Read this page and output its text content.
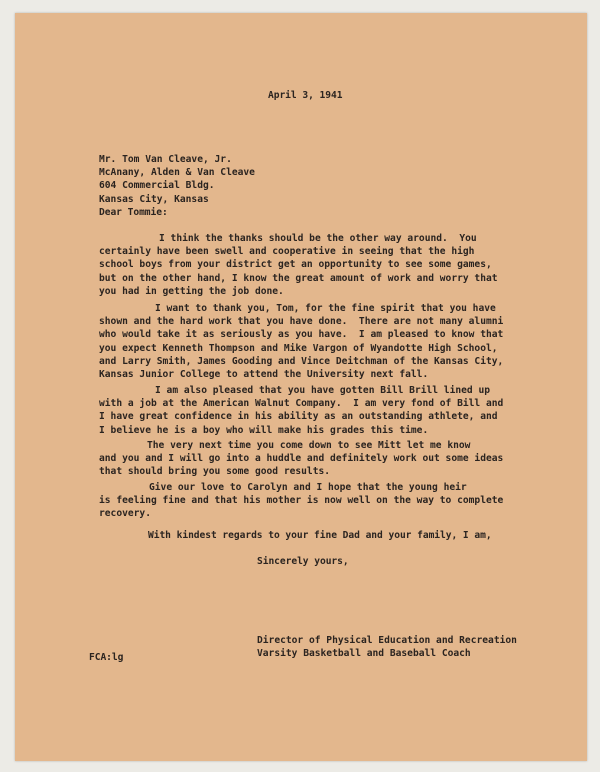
April 3, 1941
Mr. Tom Van Cleave, Jr.
McAnany, Alden & Van Cleave
604 Commercial Bldg.
Kansas City, Kansas
Dear Tommie:
I think the thanks should be the other way around.  You
certainly have been swell and cooperative in seeing that the high
school boys from your district get an opportunity to see some games,
but on the other hand, I know the great amount of work and worry that
you had in getting the job done.
I want to thank you, Tom, for the fine spirit that you have
shown and the hard work that you have done.  There are not many alumni
who would take it as seriously as you have.  I am pleased to know that
you expect Kenneth Thompson and Mike Vargon of Wyandotte High School,
and Larry Smith, James Gooding and Vince Deitchman of the Kansas City,
Kansas Junior College to attend the University next fall.
I am also pleased that you have gotten Bill Brill lined up
with a job at the American Walnut Company.  I am very fond of Bill and
I have great confidence in his ability as an outstanding athlete, and
I believe he is a boy who will make his grades this time.
The very next time you come down to see Mitt let me know
and you and I will go into a huddle and definitely work out some ideas
that should bring you some good results.
Give our love to Carolyn and I hope that the young heir
is feeling fine and that his mother is now well on the way to complete
recovery.
With kindest regards to your fine Dad and your family, I am,
Sincerely yours,
Director of Physical Education and Recreation
Varsity Basketball and Baseball Coach
FCA:lg
